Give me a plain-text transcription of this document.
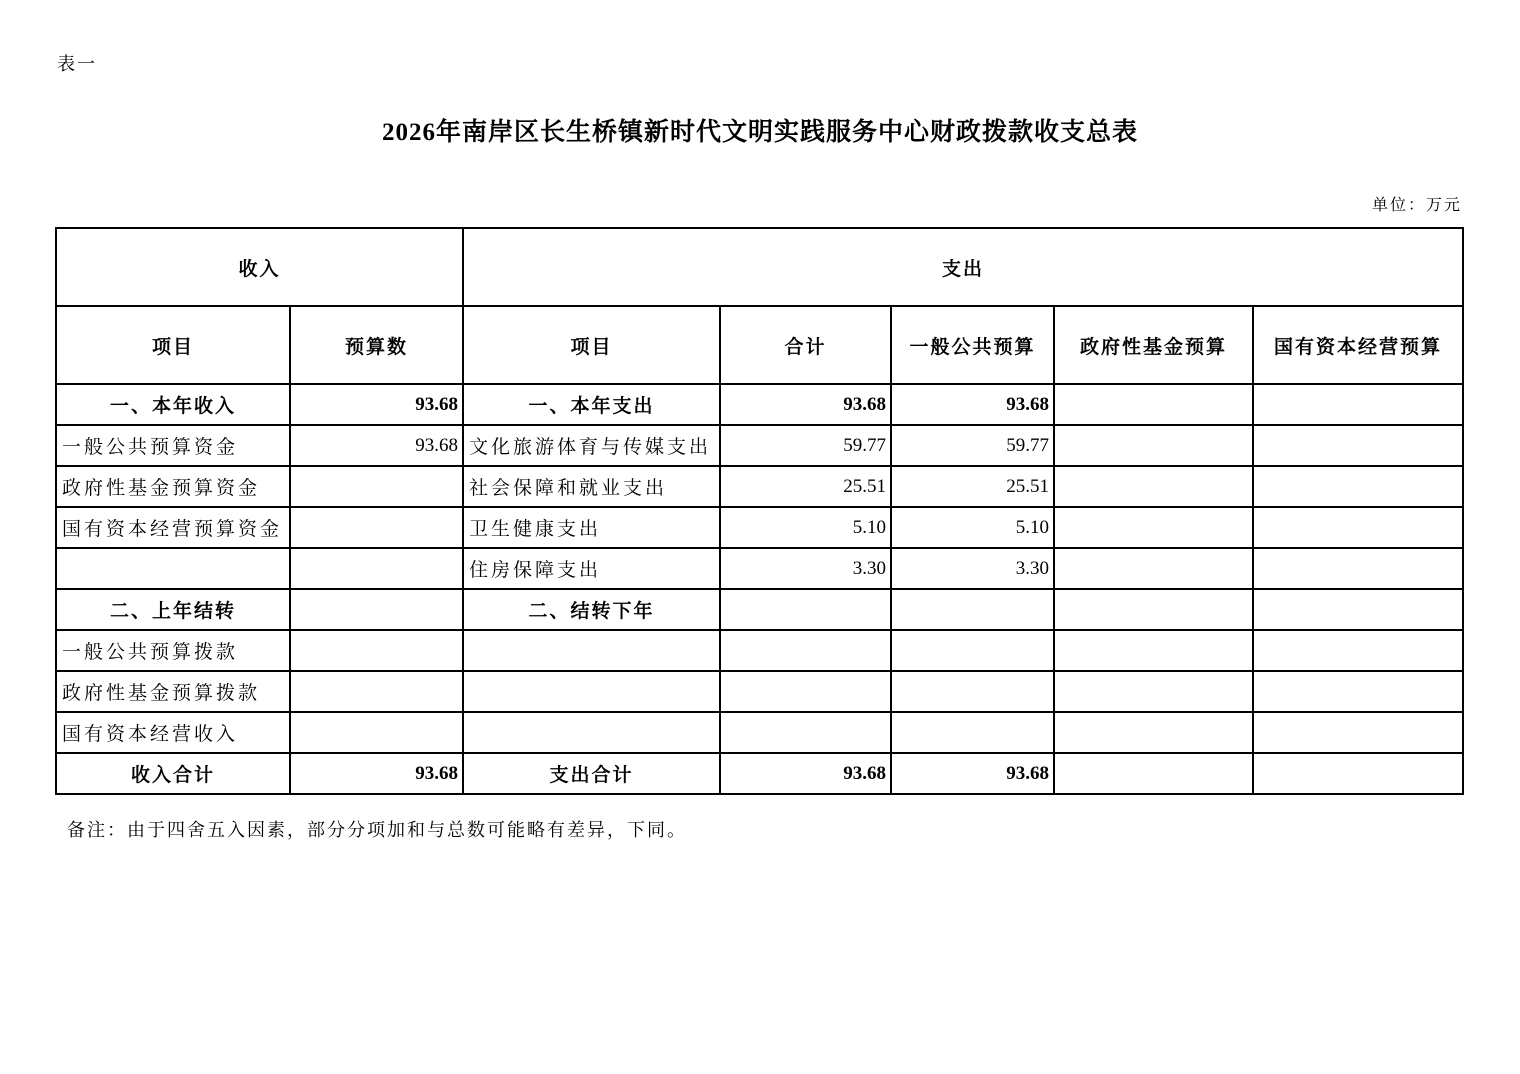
表一
2026年南岸区长生桥镇新时代文明实践服务中心财政拨款收支总表
单位：万元
收入		支出				
项目	预算数	项目	合计	一般公共预算	政府性基金预算	国有资本经营预算
一、本年收入	93.68	一、本年支出	93.68	93.68		
一般公共预算资金	93.68	文化旅游体育与传媒支出	59.77	59.77		
政府性基金预算资金		社会保障和就业支出	25.51	25.51		
国有资本经营预算资金		卫生健康支出	5.10	5.10		
		住房保障支出	3.30	3.30		
二、上年结转		二、结转下年				
一般公共预算拨款						
政府性基金预算拨款						
国有资本经营收入						
收入合计	93.68	支出合计	93.68	93.68		
备注：由于四舍五入因素，部分分项加和与总数可能略有差异，下同。
